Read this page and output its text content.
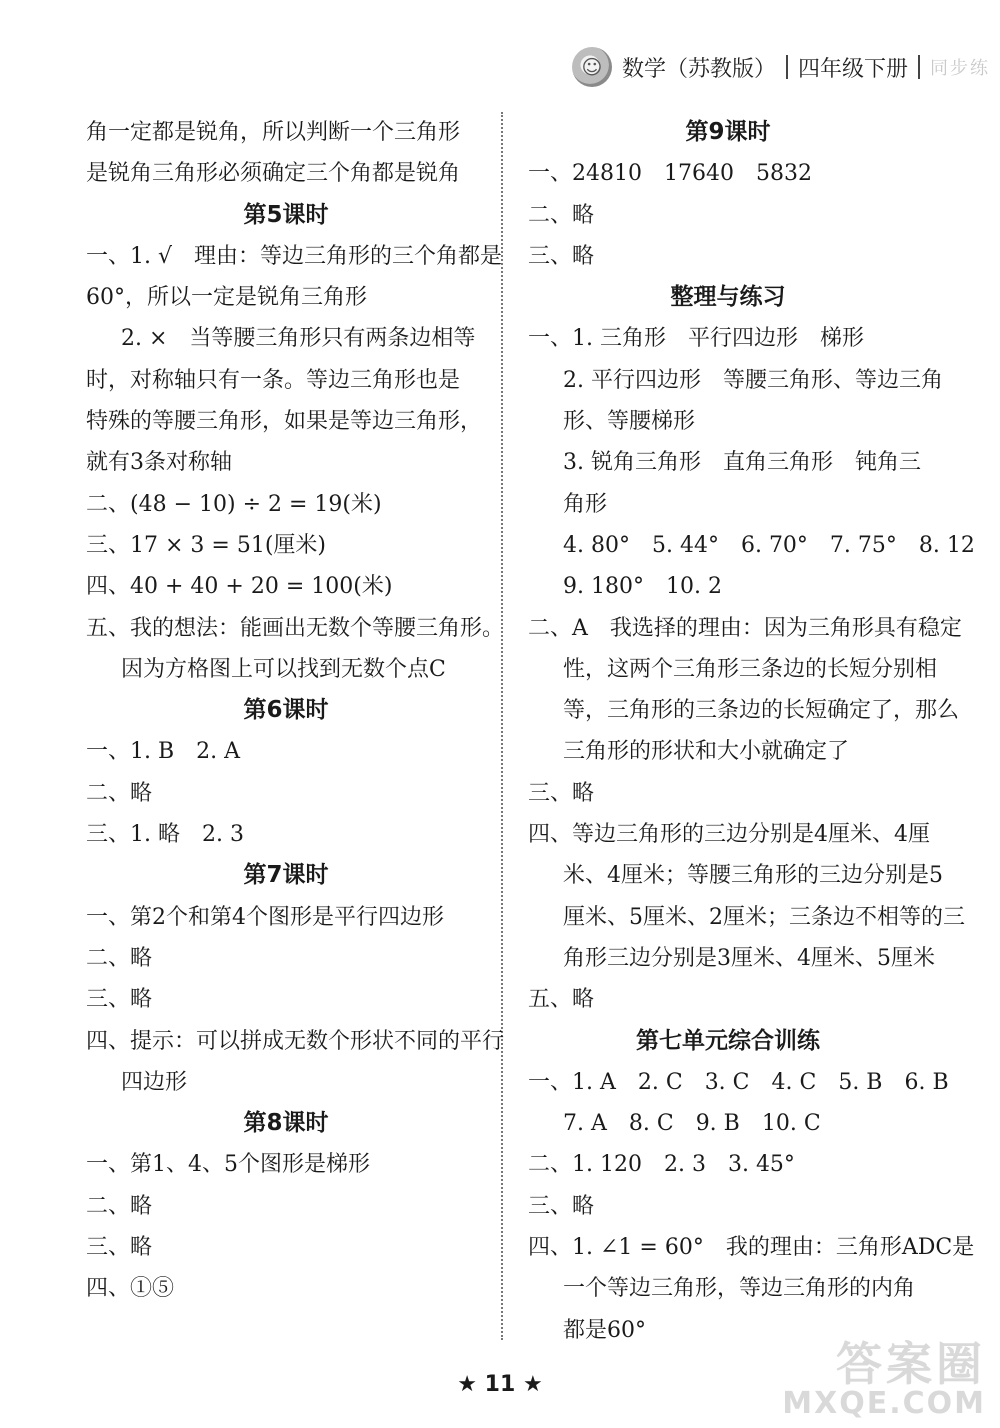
☺ 数学（苏教版） 四年级下册 同步练
角一定都是锐角，所以判断一个三角形
是锐角三角形必须确定三个角都是锐角
第5课时
一、1. √　理由：等边三角形的三个角都是
60°，所以一定是锐角三角形
2. ×　当等腰三角形只有两条边相等
时，对称轴只有一条。等边三角形也是
特殊的等腰三角形，如果是等边三角形，
就有3条对称轴
二、(48 − 10) ÷ 2 = 19(米)
三、17 × 3 = 51(厘米)
四、40 + 40 + 20 = 100(米)
五、我的想法：能画出无数个等腰三角形。
因为方格图上可以找到无数个点C
第6课时
一、1. B　2. A
二、略
三、1. 略　2. 3
第7课时
一、第2个和第4个图形是平行四边形
二、略
三、略
四、提示：可以拼成无数个形状不同的平行
四边形
第8课时
一、第1、4、5个图形是梯形
二、略
三、略
四、①⑤
第9课时
一、24810　17640　5832
二、略
三、略
整理与练习
一、1. 三角形　平行四边形　梯形
2. 平行四边形　等腰三角形、等边三角
形、等腰梯形
3. 锐角三角形　直角三角形　钝角三
角形
4. 80°　5. 44°　6. 70°　7. 75°　8. 12
9. 180°　10. 2
二、A　我选择的理由：因为三角形具有稳定
性，这两个三角形三条边的长短分别相
等，三角形的三条边的长短确定了，那么
三角形的形状和大小就确定了
三、略
四、等边三角形的三边分别是4厘米、4厘
米、4厘米；等腰三角形的三边分别是5
厘米、5厘米、2厘米；三条边不相等的三
角形三边分别是3厘米、4厘米、5厘米
五、略
第七单元综合训练
一、1. A　2. C　3. C　4. C　5. B　6. B
7. A　8. C　9. B　10. C
二、1. 120　2. 3　3. 45°
三、略
四、1. ∠1 = 60°　我的理由：三角形ADC是
一个等边三角形，等边三角形的内角
都是60°
★ 11 ★	答案圈
MXQE.COM
